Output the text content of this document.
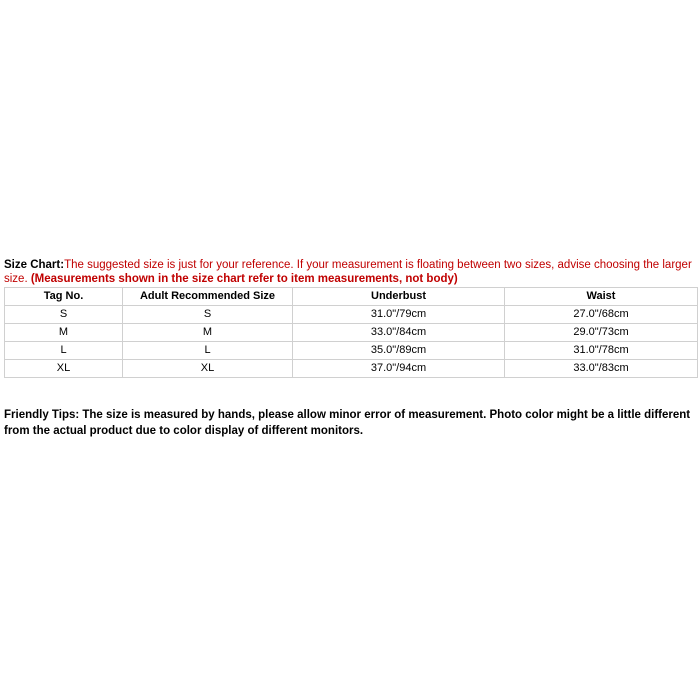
Size Chart:The suggested size is just for your reference. If your measurement is floating between two sizes, advise choosing the larger size. (Measurements shown in the size chart refer to item measurements, not body)
Tag No.	Adult Recommended Size	Underbust	Waist
S	S	31.0"/79cm	27.0"/68cm
M	M	33.0"/84cm	29.0"/73cm
L	L	35.0"/89cm	31.0"/78cm
XL	XL	37.0"/94cm	33.0"/83cm
Friendly Tips: The size is measured by hands, please allow minor error of measurement. Photo color might be a little different from the actual product due to color display of different monitors.
